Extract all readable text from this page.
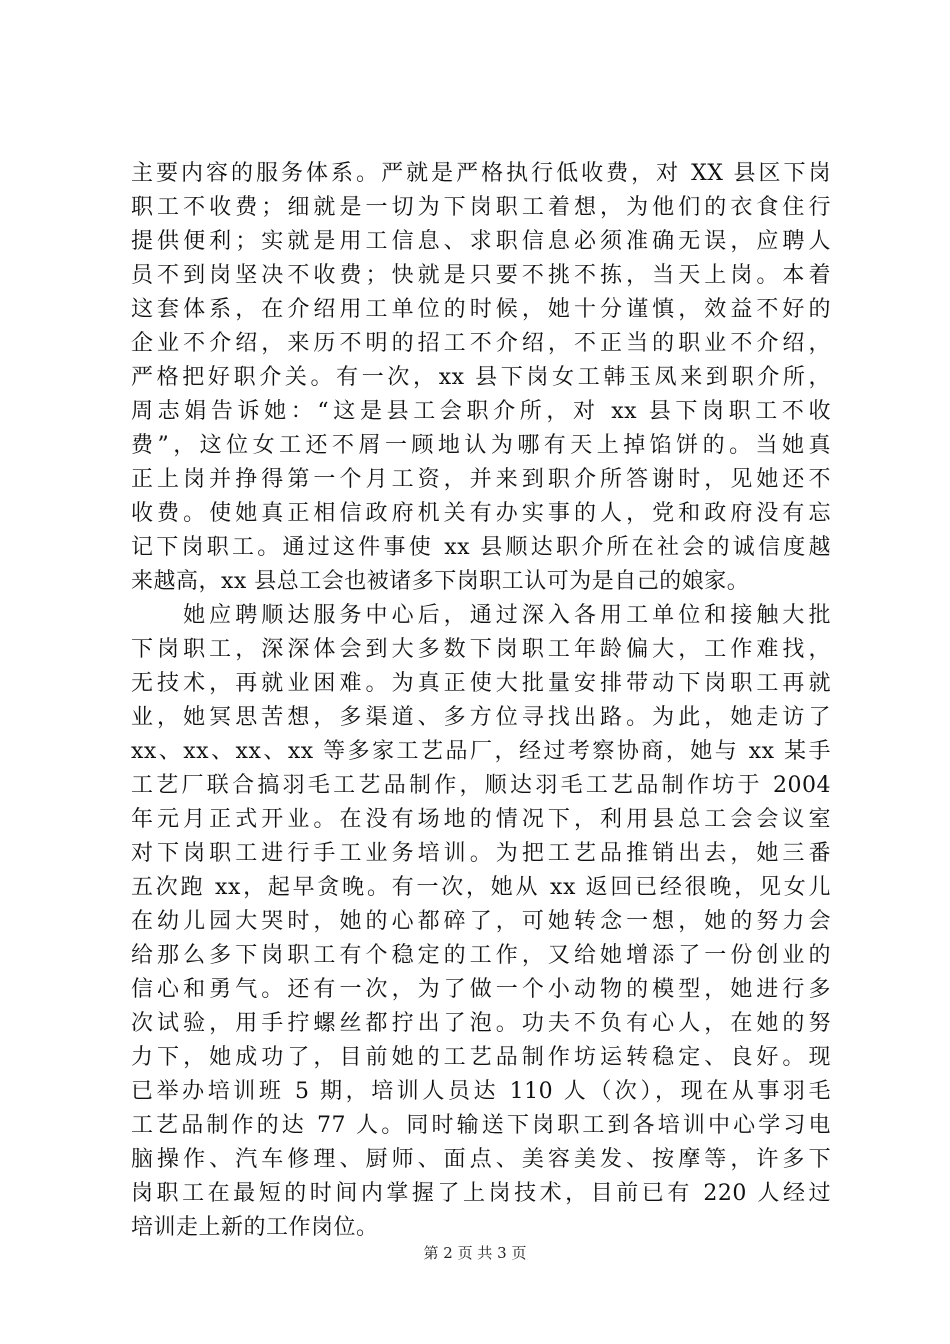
主要内容的服务体系。严就是严格执行低收费，对 XX 县区下岗
职工不收费；细就是一切为下岗职工着想，为他们的衣食住行
提供便利；实就是用工信息、求职信息必须准确无误，应聘人
员不到岗坚决不收费；快就是只要不挑不拣，当天上岗。本着
这套体系，在介绍用工单位的时候，她十分谨慎，效益不好的
企业不介绍，来历不明的招工不介绍，不正当的职业不介绍，
严格把好职介关。有一次，xx 县下岗女工韩玉凤来到职介所，
周志娟告诉她：“这是县工会职介所，对 xx 县下岗职工不收
费”，这位女工还不屑一顾地认为哪有天上掉馅饼的。当她真
正上岗并挣得第一个月工资，并来到职介所答谢时，见她还不
收费。使她真正相信政府机关有办实事的人，党和政府没有忘
记下岗职工。通过这件事使 xx 县顺达职介所在社会的诚信度越
来越高，xx 县总工会也被诸多下岗职工认可为是自己的娘家。
　　她应聘顺达服务中心后，通过深入各用工单位和接触大批
下岗职工，深深体会到大多数下岗职工年龄偏大，工作难找，
无技术，再就业困难。为真正使大批量安排带动下岗职工再就
业，她冥思苦想，多渠道、多方位寻找出路。为此，她走访了
xx、xx、xx、xx 等多家工艺品厂，经过考察协商，她与 xx 某手
工艺厂联合搞羽毛工艺品制作，顺达羽毛工艺品制作坊于 2004
年元月正式开业。在没有场地的情况下，利用县总工会会议室
对下岗职工进行手工业务培训。为把工艺品推销出去，她三番
五次跑 xx，起早贪晚。有一次，她从 xx 返回已经很晚，见女儿
在幼儿园大哭时，她的心都碎了，可她转念一想，她的努力会
给那么多下岗职工有个稳定的工作，又给她增添了一份创业的
信心和勇气。还有一次，为了做一个小动物的模型，她进行多
次试验，用手拧螺丝都拧出了泡。功夫不负有心人，在她的努
力下，她成功了，目前她的工艺品制作坊运转稳定、良好。现
已举办培训班 5 期，培训人员达 110 人（次），现在从事羽毛
工艺品制作的达 77 人。同时输送下岗职工到各培训中心学习电
脑操作、汽车修理、厨师、面点、美容美发、按摩等，许多下
岗职工在最短的时间内掌握了上岗技术，目前已有 220 人经过
培训走上新的工作岗位。
第 2 页 共 3 页
